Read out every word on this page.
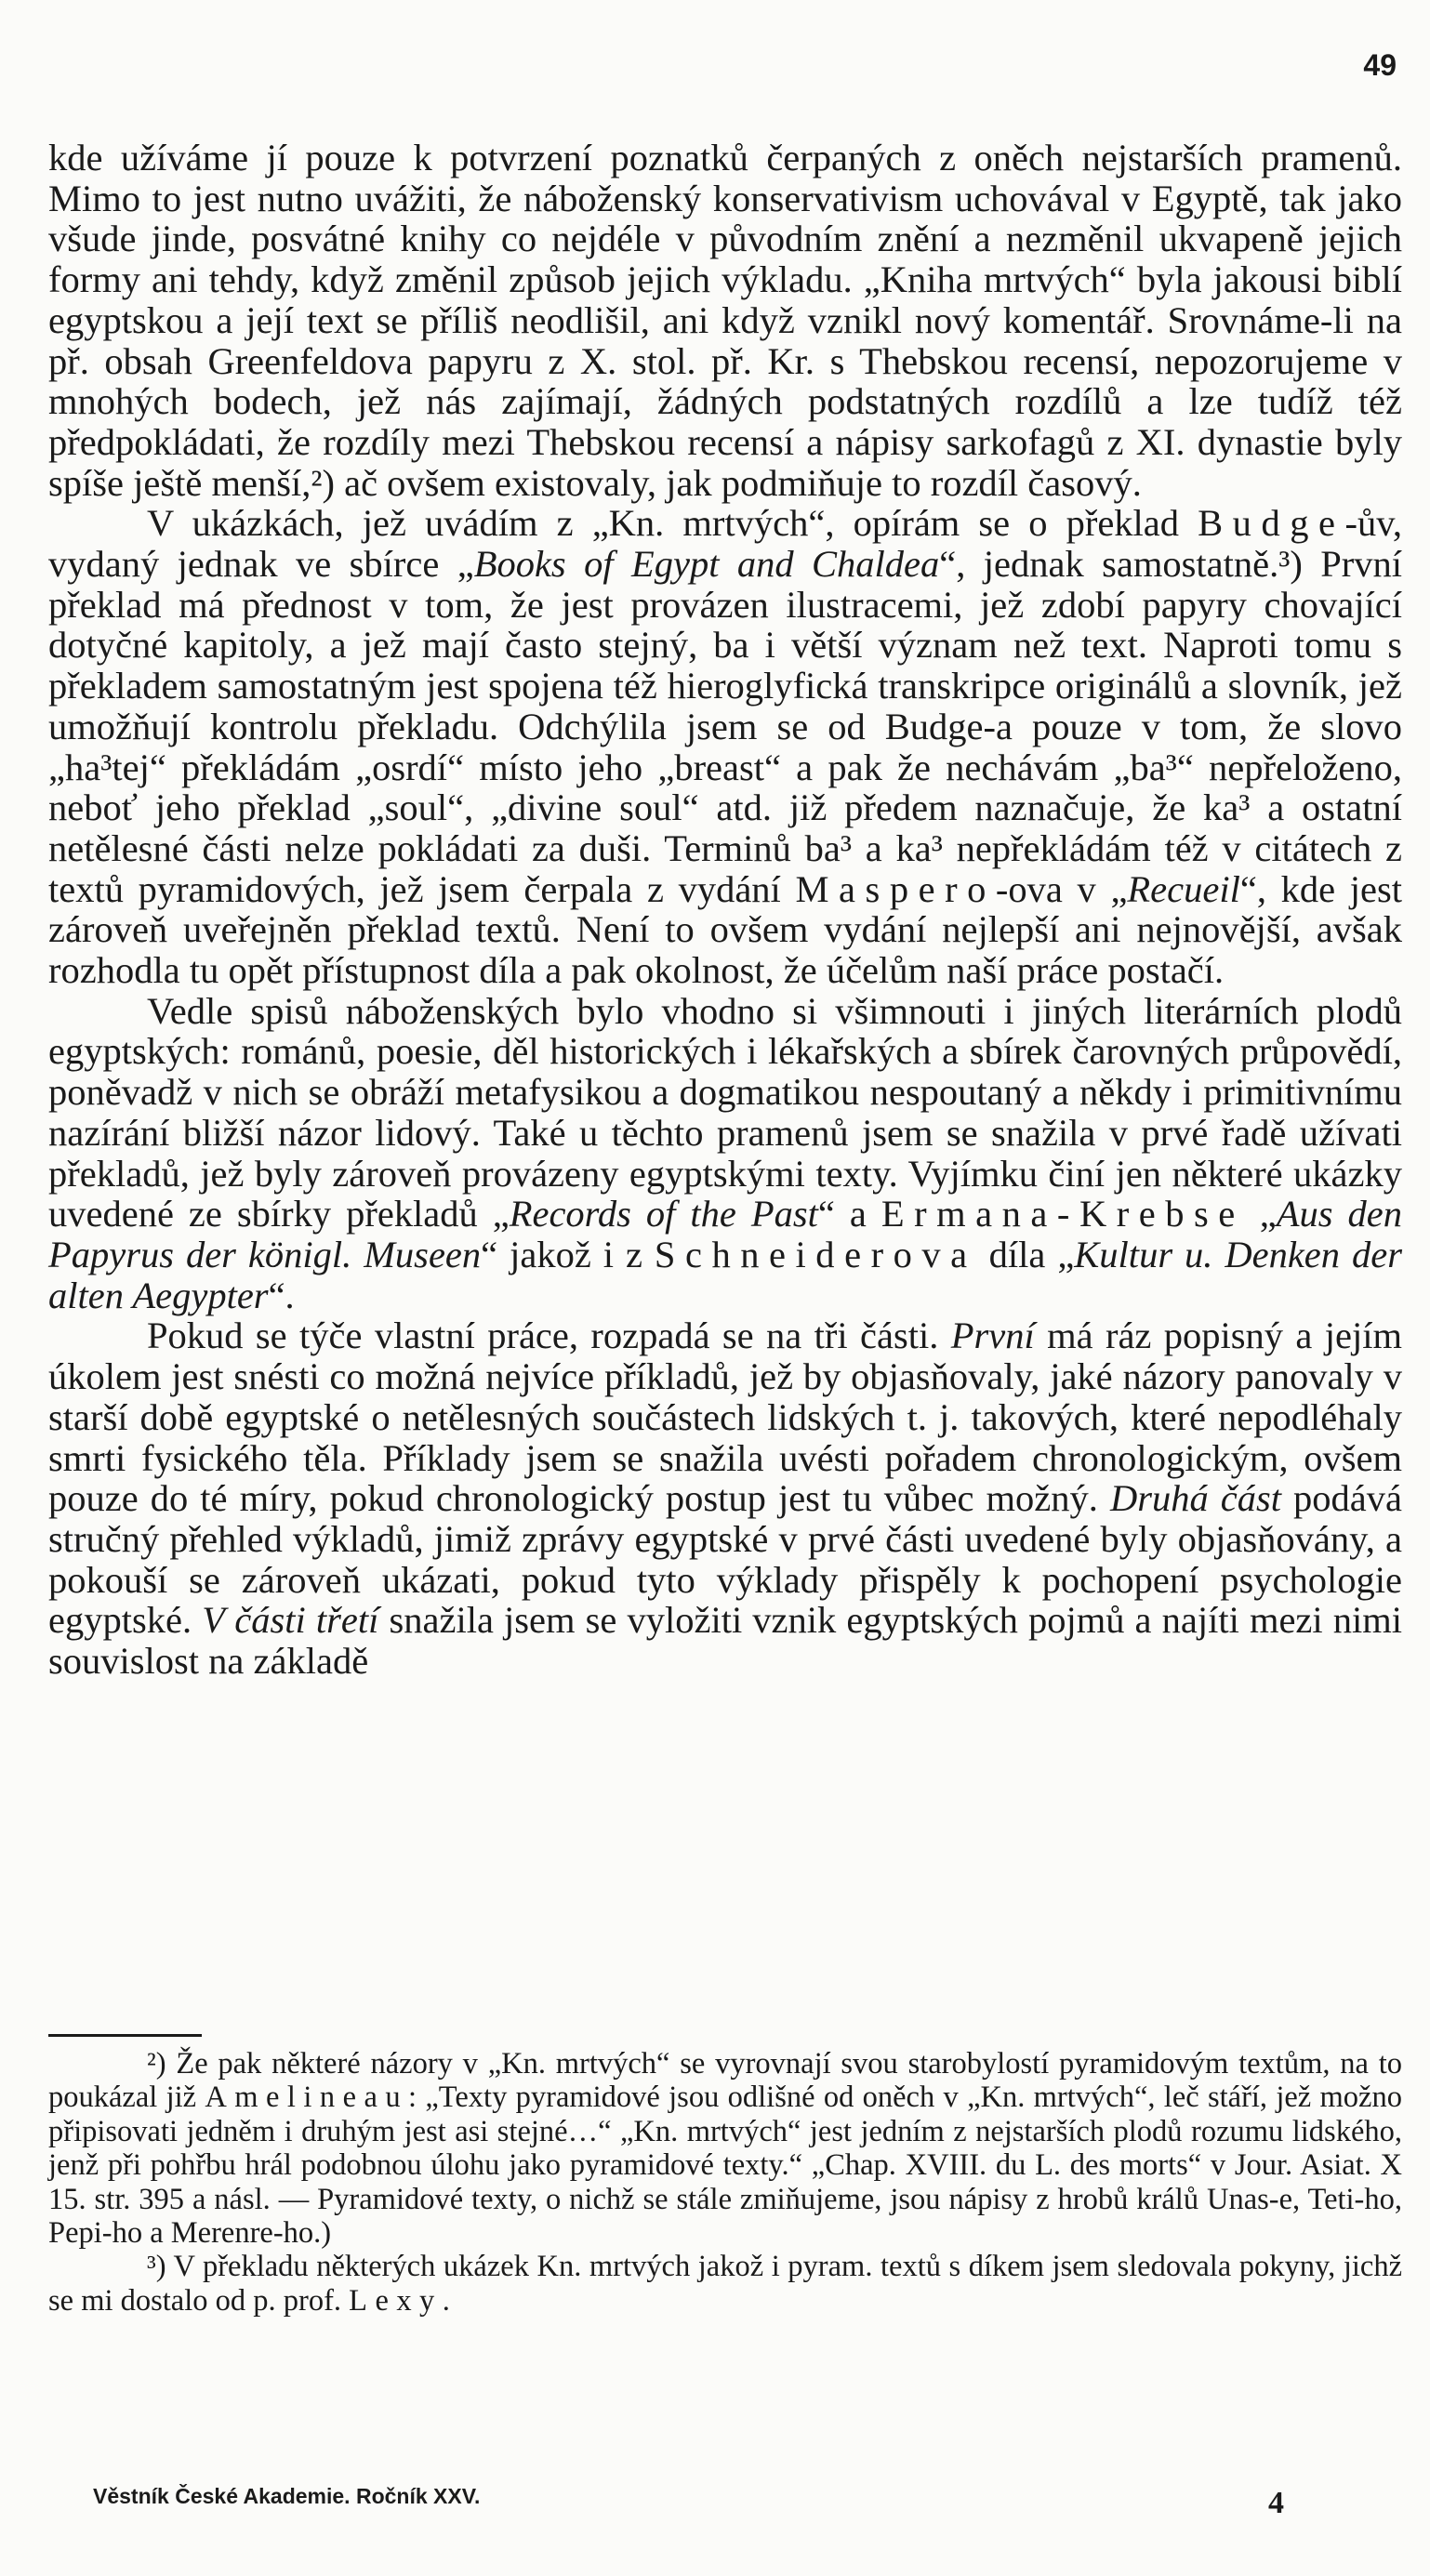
49

kde užíváme jí pouze k potvrzení poznatků čerpaných z oněch nejstarších pramenů. Mimo to jest nutno uvážiti, že náboženský konservativism uchovával v Egyptě, tak jako všude jinde, posvátné knihy co nejdéle v původním znění a nezměnil ukvapeně jejich formy ani tehdy, když změnil způsob jejich výkladu. „Kniha mrtvých“ byla jakousi biblí egyptskou a její text se příliš neodlišil, ani když vznikl nový komentář. Srovnáme-li na př. obsah Greenfeldova papyru z X. stol. př. Kr. s Thebskou recensí, nepozorujeme v mnohých bodech, jež nás zajímají, žádných podstatných rozdílů a lze tudíž též předpokládati, že rozdíly mezi Thebskou recensí a nápisy sarkofagů z XI. dynastie byly spíše ještě menší,²) ač ovšem existovaly, jak podmiňuje to rozdíl časový.

V ukázkách, jež uvádím z „Kn. mrtvých“, opírám se o překlad Budge-ův, vydaný jednak ve sbírce „Books of Egypt and Chaldea“, jednak samostatně.³) První překlad má přednost v tom, že jest provázen ilustracemi, jež zdobí papyry chovající dotyčné kapitoly, a jež mají často stejný, ba i větší význam než text. Naproti tomu s překladem samostatným jest spojena též hieroglyfická transkripce originálů a slovník, jež umožňují kontrolu překladu. Odchýlila jsem se od Budge-a pouze v tom, že slovo „ha³tej“ překládám „osrdí“ místo jeho „breast“ a pak že nechávám „ba³“ nepřeloženo, neboť jeho překlad „soul“, „divine soul“ atd. již předem naznačuje, že ka³ a ostatní netělesné části nelze pokládati za duši. Terminů ba³ a ka³ nepřekládám též v citátech z textů pyramidových, jež jsem čerpala z vydání Maspero-ova v „Recueil“, kde jest zároveň uveřejněn překlad textů. Není to ovšem vydání nejlepší ani nejnovější, avšak rozhodla tu opět přístupnost díla a pak okolnost, že účelům naší práce postačí.

Vedle spisů náboženských bylo vhodno si všimnouti i jiných literárních plodů egyptských: románů, poesie, děl historických i lékařských a sbírek čarovných průpovědí, poněvadž v nich se obráží metafysikou a dogmatikou nespoutaný a někdy i primitivnímu nazírání bližší názor lidový. Také u těchto pramenů jsem se snažila v prvé řadě užívati překladů, jež byly zároveň provázeny egyptskými texty. Vyjímku činí jen některé ukázky uvedené ze sbírky překladů „Records of the Past“ a Ermana-Krebse „Aus den Papyrus der königl. Museen“ jakož i z Schneiderova díla „Kultur u. Denken der alten Aegypter“.

Pokud se týče vlastní práce, rozpadá se na tři části. První má ráz popisný a jejím úkolem jest snésti co možná nejvíce příkladů, jež by objasňovaly, jaké názory panovaly v starší době egyptské o netělesných součástech lidských t. j. takových, které nepodléhaly smrti fysického těla. Příklady jsem se snažila uvésti pořadem chronologickým, ovšem pouze do té míry, pokud chronologický postup jest tu vůbec možný. Druhá část podává stručný přehled výkladů, jimiž zprávy egyptské v prvé části uvedené byly objasňovány, a pokouší se zároveň ukázati, pokud tyto výklady přispěly k pochopení psychologie egyptské. V části třetí snažila jsem se vyložiti vznik egyptských pojmů a najíti mezi nimi souvislost na základě

²) Že pak některé názory v „Kn. mrtvých“ se vyrovnají svou starobylostí pyramidovým textům, na to poukázal již Amelineau: „Texty pyramidové jsou odlišné od oněch v „Kn. mrtvých“, leč stáří, jež možno připisovati jedněm i druhým jest asi stejné…“ „Kn. mrtvých“ jest jedním z nejstarších plodů rozumu lidského, jenž při pohřbu hrál podobnou úlohu jako pyramidové texty.“ „Chap. XVIII. du L. des morts“ v Jour. Asiat. X 15. str. 395 a násl. — Pyramidové texty, o nichž se stále zmiňujeme, jsou nápisy z hrobů králů Unas-e, Teti-ho, Pepi-ho a Merenre-ho.)

³) V překladu některých ukázek Kn. mrtvých jakož i pyram. textů s díkem jsem sledovala pokyny, jichž se mi dostalo od p. prof. Lexy.

Věstník České Akademie. Ročník XXV.	4
